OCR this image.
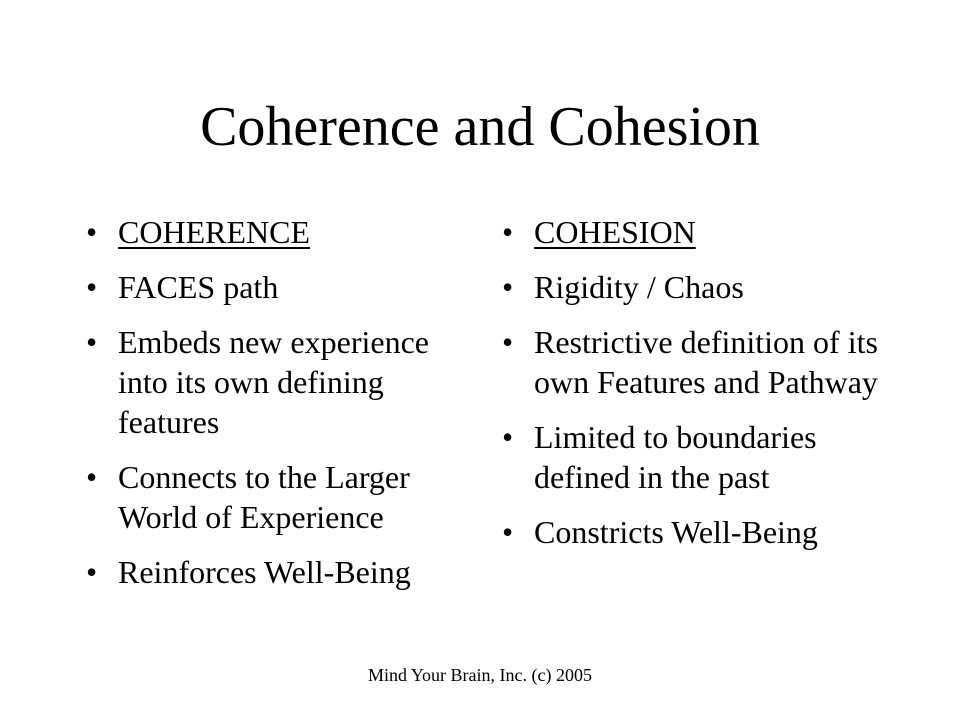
Coherence and Cohesion
• COHERENCE
• FACES path
• Embeds new experience into its own defining features
• Connects to the Larger World of Experience
• Reinforces Well-Being
• COHESION
• Rigidity / Chaos
• Restrictive definition of its own Features and Pathway
• Limited to boundaries defined in the past
• Constricts Well-Being
Mind Your Brain, Inc. (c) 2005
